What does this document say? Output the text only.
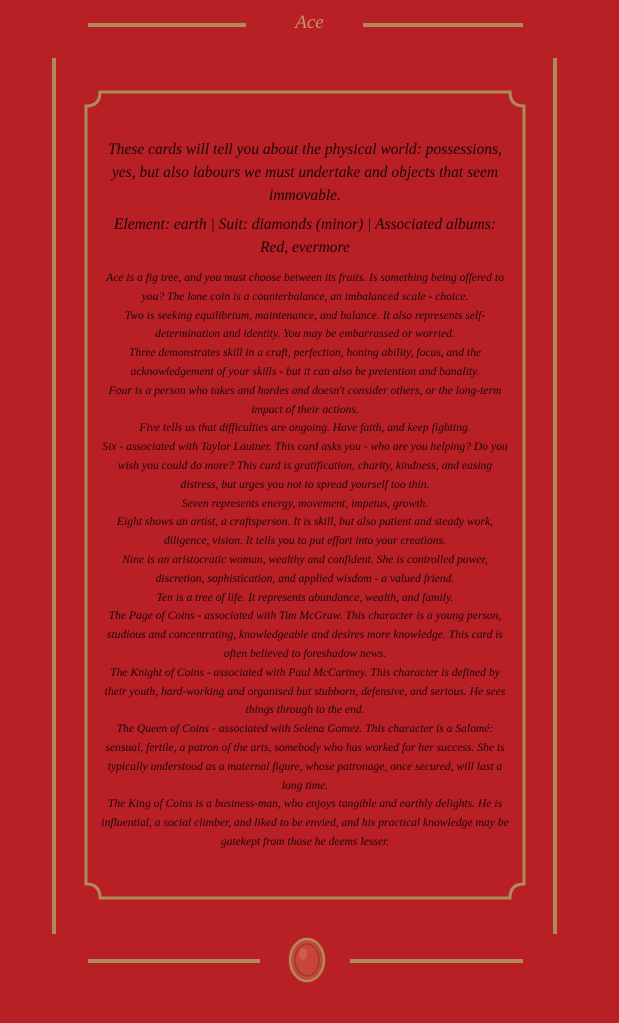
Ace

These cards will tell you about the physical world: possessions, yes, but also labours we must undertake and objects that seem immovable.

Element: earth | Suit: diamonds (minor) | Associated albums: Red, evermore

Ace is a fig tree, and you must choose between its fruits. Is something being offered to you? The lone coin is a counterbalance, an imbalanced scale - choice.

Two is seeking equilibrium, maintenance, and balance. It also represents self-determination and identity. You may be embarrassed or worried.

Three demonstrates skill in a craft, perfection, honing ability, focus, and the acknowledgement of your skills - but it can also be pretention and banality.

Four is a person who takes and hordes and doesn't consider others, or the long-term impact of their actions.

Five tells us that difficulties are ongoing. Have faith, and keep fighting.

Six - associated with Taylor Lautner. This card asks you - who are you helping? Do you wish you could do more? This card is gratification, charity, kindness, and easing distress, but urges you not to spread yourself too thin.

Seven represents energy, movement, impetus, growth.

Eight shows an artist, a craftsperson. It is skill, but also patient and steady work, diligence, vision. It tells you to put effort into your creations.

Nine is an aristocratic woman, wealthy and confident. She is controlled power, discretion, sophistication, and applied wisdom - a valued friend.

Ten is a tree of life. It represents abundance, wealth, and family.

The Page of Coins - associated with Tim McGraw. This character is a young person, studious and concentrating, knowledgeable and desires more knowledge. This card is often believed to foreshadow news.

The Knight of Coins - associated with Paul McCartney. This character is defined by their youth, hard-working and organised but stubborn, defensive, and serious. He sees things through to the end.

The Queen of Coins - associated with Selena Gomez. This character is a Salomé: sensual, fertile, a patron of the arts, somebody who has worked for her success. She is typically understood as a maternal figure, whose patronage, once secured, will last a long time.

The King of Coins is a business-man, who enjoys tangible and earthly delights. He is influential, a social climber, and liked to be envied, and his practical knowledge may be gatekept from those he deems lesser.
